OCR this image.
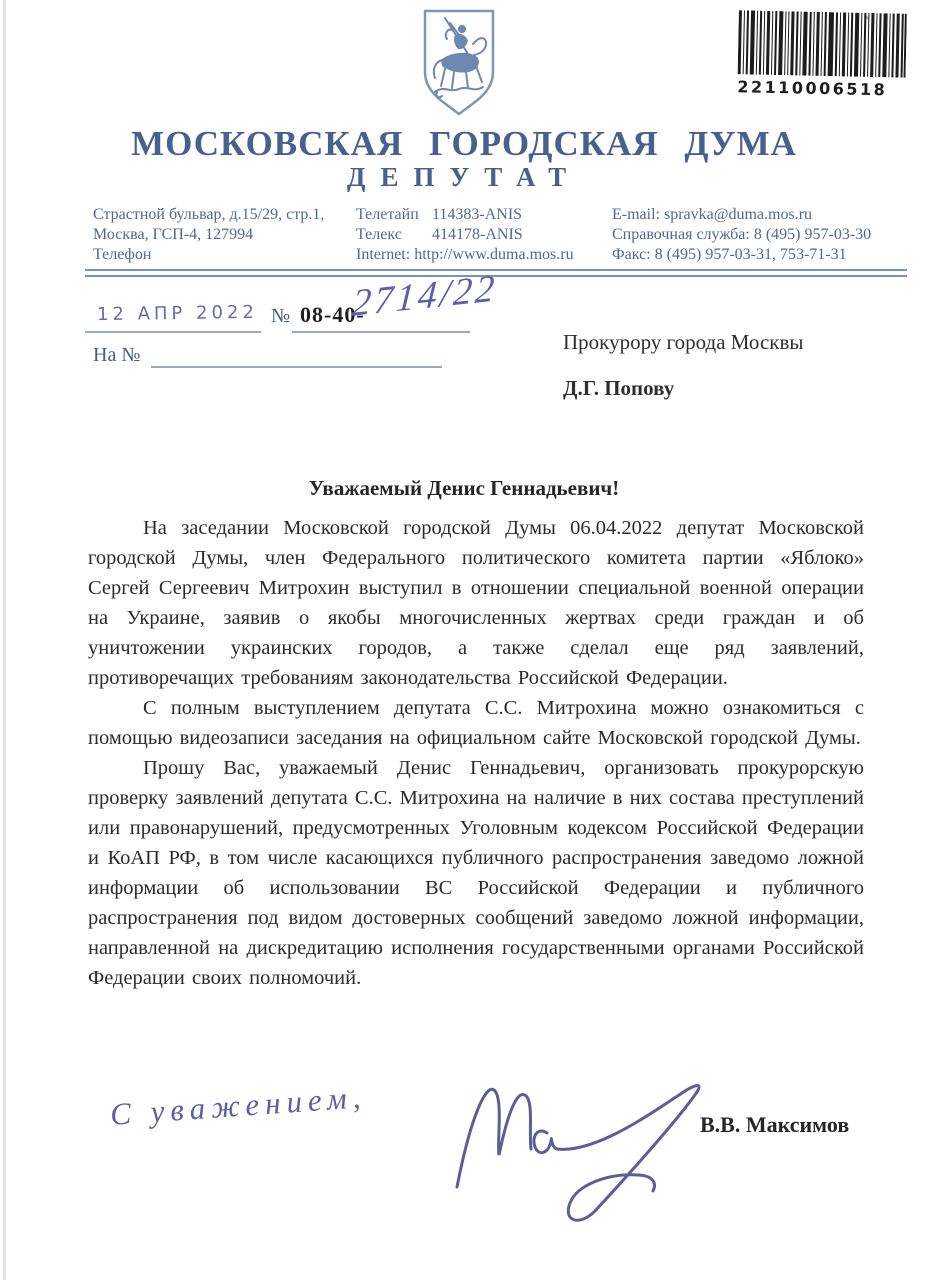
22110006518
МОСКОВСКАЯ ГОРОДСКАЯ ДУМА
ДЕПУТАТ
Страстной бульвар, д.15/29, стр.1,
Москва, ГСП-4, 127994
Телефон
Телетайп 114383-ANIS
Телекс 414178-ANIS
Internet: http://www.duma.mos.ru
E-mail: spravka@duma.mos.ru
Справочная служба: 8 (495) 957-03-30
Факс: 8 (495) 957-03-31, 753-71-31
12 АПР 2022 № 08-40-
2714/22
На №
Прокурору города Москвы
Д.Г. Попову
Уважаемый Денис Геннадьевич!

На заседании Московской городской Думы 06.04.2022 депутат Московской городской Думы, член Федерального политического комитета партии «Яблоко» Сергей Сергеевич Митрохин выступил в отношении специальной военной операции на Украине, заявив о якобы многочисленных жертвах среди граждан и об уничтожении украинских городов, а также сделал еще ряд заявлений, противоречащих требованиям законодательства Российской Федерации.

С полным выступлением депутата С.С. Митрохина можно ознакомиться с помощью видеозаписи заседания на официальном сайте Московской городской Думы.

Прошу Вас, уважаемый Денис Геннадьевич, организовать прокурорскую проверку заявлений депутата С.С. Митрохина на наличие в них состава преступлений или правонарушений, предусмотренных Уголовным кодексом Российской Федерации и КоАП РФ, в том числе касающихся публичного распространения заведомо ложной информации об использовании ВС Российской Федерации и публичного распространения под видом достоверных сообщений заведомо ложной информации, направленной на дискредитацию исполнения государственными органами Российской Федерации своих полномочий.

С уважением,	В.В. Максимов
